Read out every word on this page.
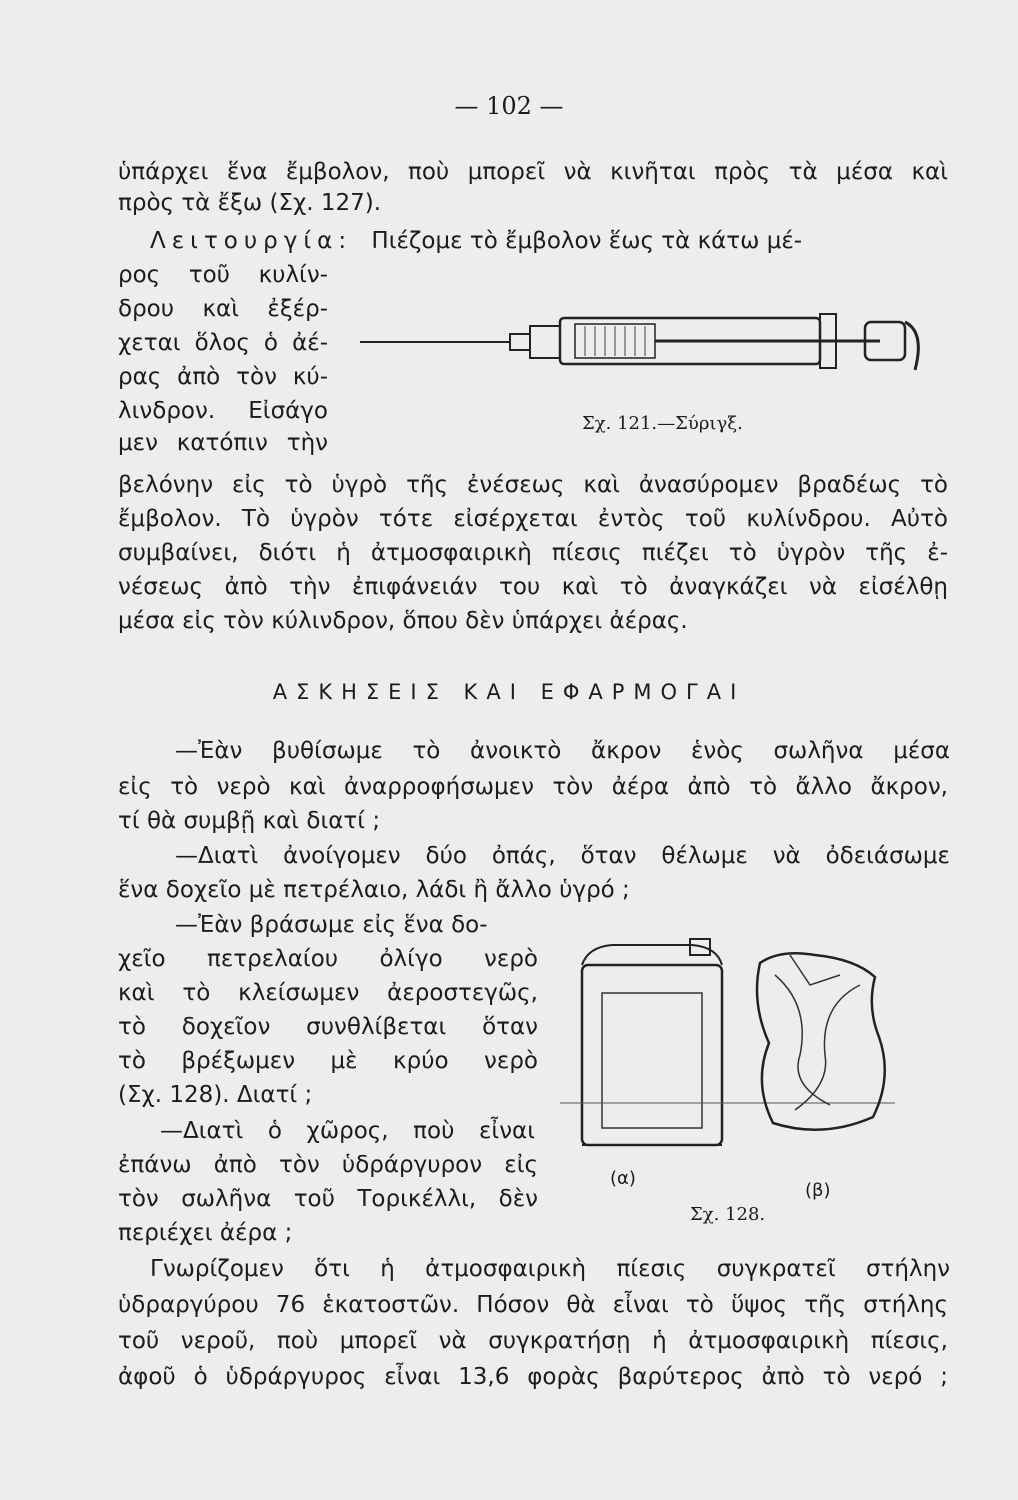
— 102 —
ὑπάρχει ἕνα ἔμβολον, ποὺ μπορεῖ νὰ κινῆται πρὸς τὰ μέσα καὶ
πρὸς τὰ ἔξω (Σχ. 127).
Λειτουργία: Πιέζομε τὸ ἔμβολον ἕως τὰ κάτω μέ-
ρος τοῦ κυλίν-
δρου καὶ ἐξέρ-
χεται ὅλος ὁ ἀέ-
ρας ἀπὸ τὸν κύ-
λινδρον. Εἰσάγο
μεν κατόπιν τὴν
Σχ. 121.—Σύριγξ.
βελόνην εἰς τὸ ὑγρὸ τῆς ἐνέσεως καὶ ἀνασύρομεν βραδέως τὸ
ἔμβολον. Τὸ ὑγρὸν τότε εἰσέρχεται ἐντὸς τοῦ κυλίνδρου. Αὐτὸ
συμβαίνει, διότι ἡ ἀτμοσφαιρικὴ πίεσις πιέζει τὸ ὑγρὸν τῆς ἐ-
νέσεως ἀπὸ τὴν ἐπιφάνειάν του καὶ τὸ ἀναγκάζει νὰ εἰσέλθῃ
μέσα εἰς τὸν κύλινδρον, ὅπου δὲν ὑπάρχει ἀέρας.
ΑΣΚΗΣΕΙΣ ΚΑΙ ΕΦΑΡΜΟΓΑΙ
—Ἐὰν βυθίσωμε τὸ ἀνοικτὸ ἄκρον ἑνὸς σωλῆνα μέσα
εἰς τὸ νερὸ καὶ ἀναρροφήσωμεν τὸν ἀέρα ἀπὸ τὸ ἄλλο ἄκρον,
τί θὰ συμβῇ καὶ διατί ;
—Διατὶ ἀνοίγομεν δύο ὀπάς, ὅταν θέλωμε νὰ ὀδειάσωμε
ἕνα δοχεῖο μὲ πετρέλαιο, λάδι ἢ ἄλλο ὑγρό ;
—Ἐὰν βράσωμε εἰς ἕνα δο-
χεῖο πετρελαίου ὀλίγο νερὸ
καὶ τὸ κλείσωμεν ἀεροστεγῶς,
τὸ δοχεῖον συνθλίβεται ὅταν
τὸ βρέξωμεν μὲ κρύο νερὸ
(Σχ. 128). Διατί ;
—Διατὶ ὁ χῶρος, ποὺ εἶναι
ἐπάνω ἀπὸ τὸν ὑδράργυρον εἰς
τὸν σωλῆνα τοῦ Τορικέλλι, δὲν
περιέχει ἀέρα ;
(α)
(β)
Σχ. 128.
Γνωρίζομεν ὅτι ἡ ἀτμοσφαιρικὴ πίεσις συγκρατεῖ στήλην
ὑδραργύρου 76 ἑκατοστῶν. Πόσον θὰ εἶναι τὸ ὕψος τῆς στήλης
τοῦ νεροῦ, ποὺ μπορεῖ νὰ συγκρατήσῃ ἡ ἀτμοσφαιρικὴ πίεσις,
ἀφοῦ ὁ ὑδράργυρος εἶναι 13,6 φορὰς βαρύτερος ἀπὸ τὸ νερό ;
